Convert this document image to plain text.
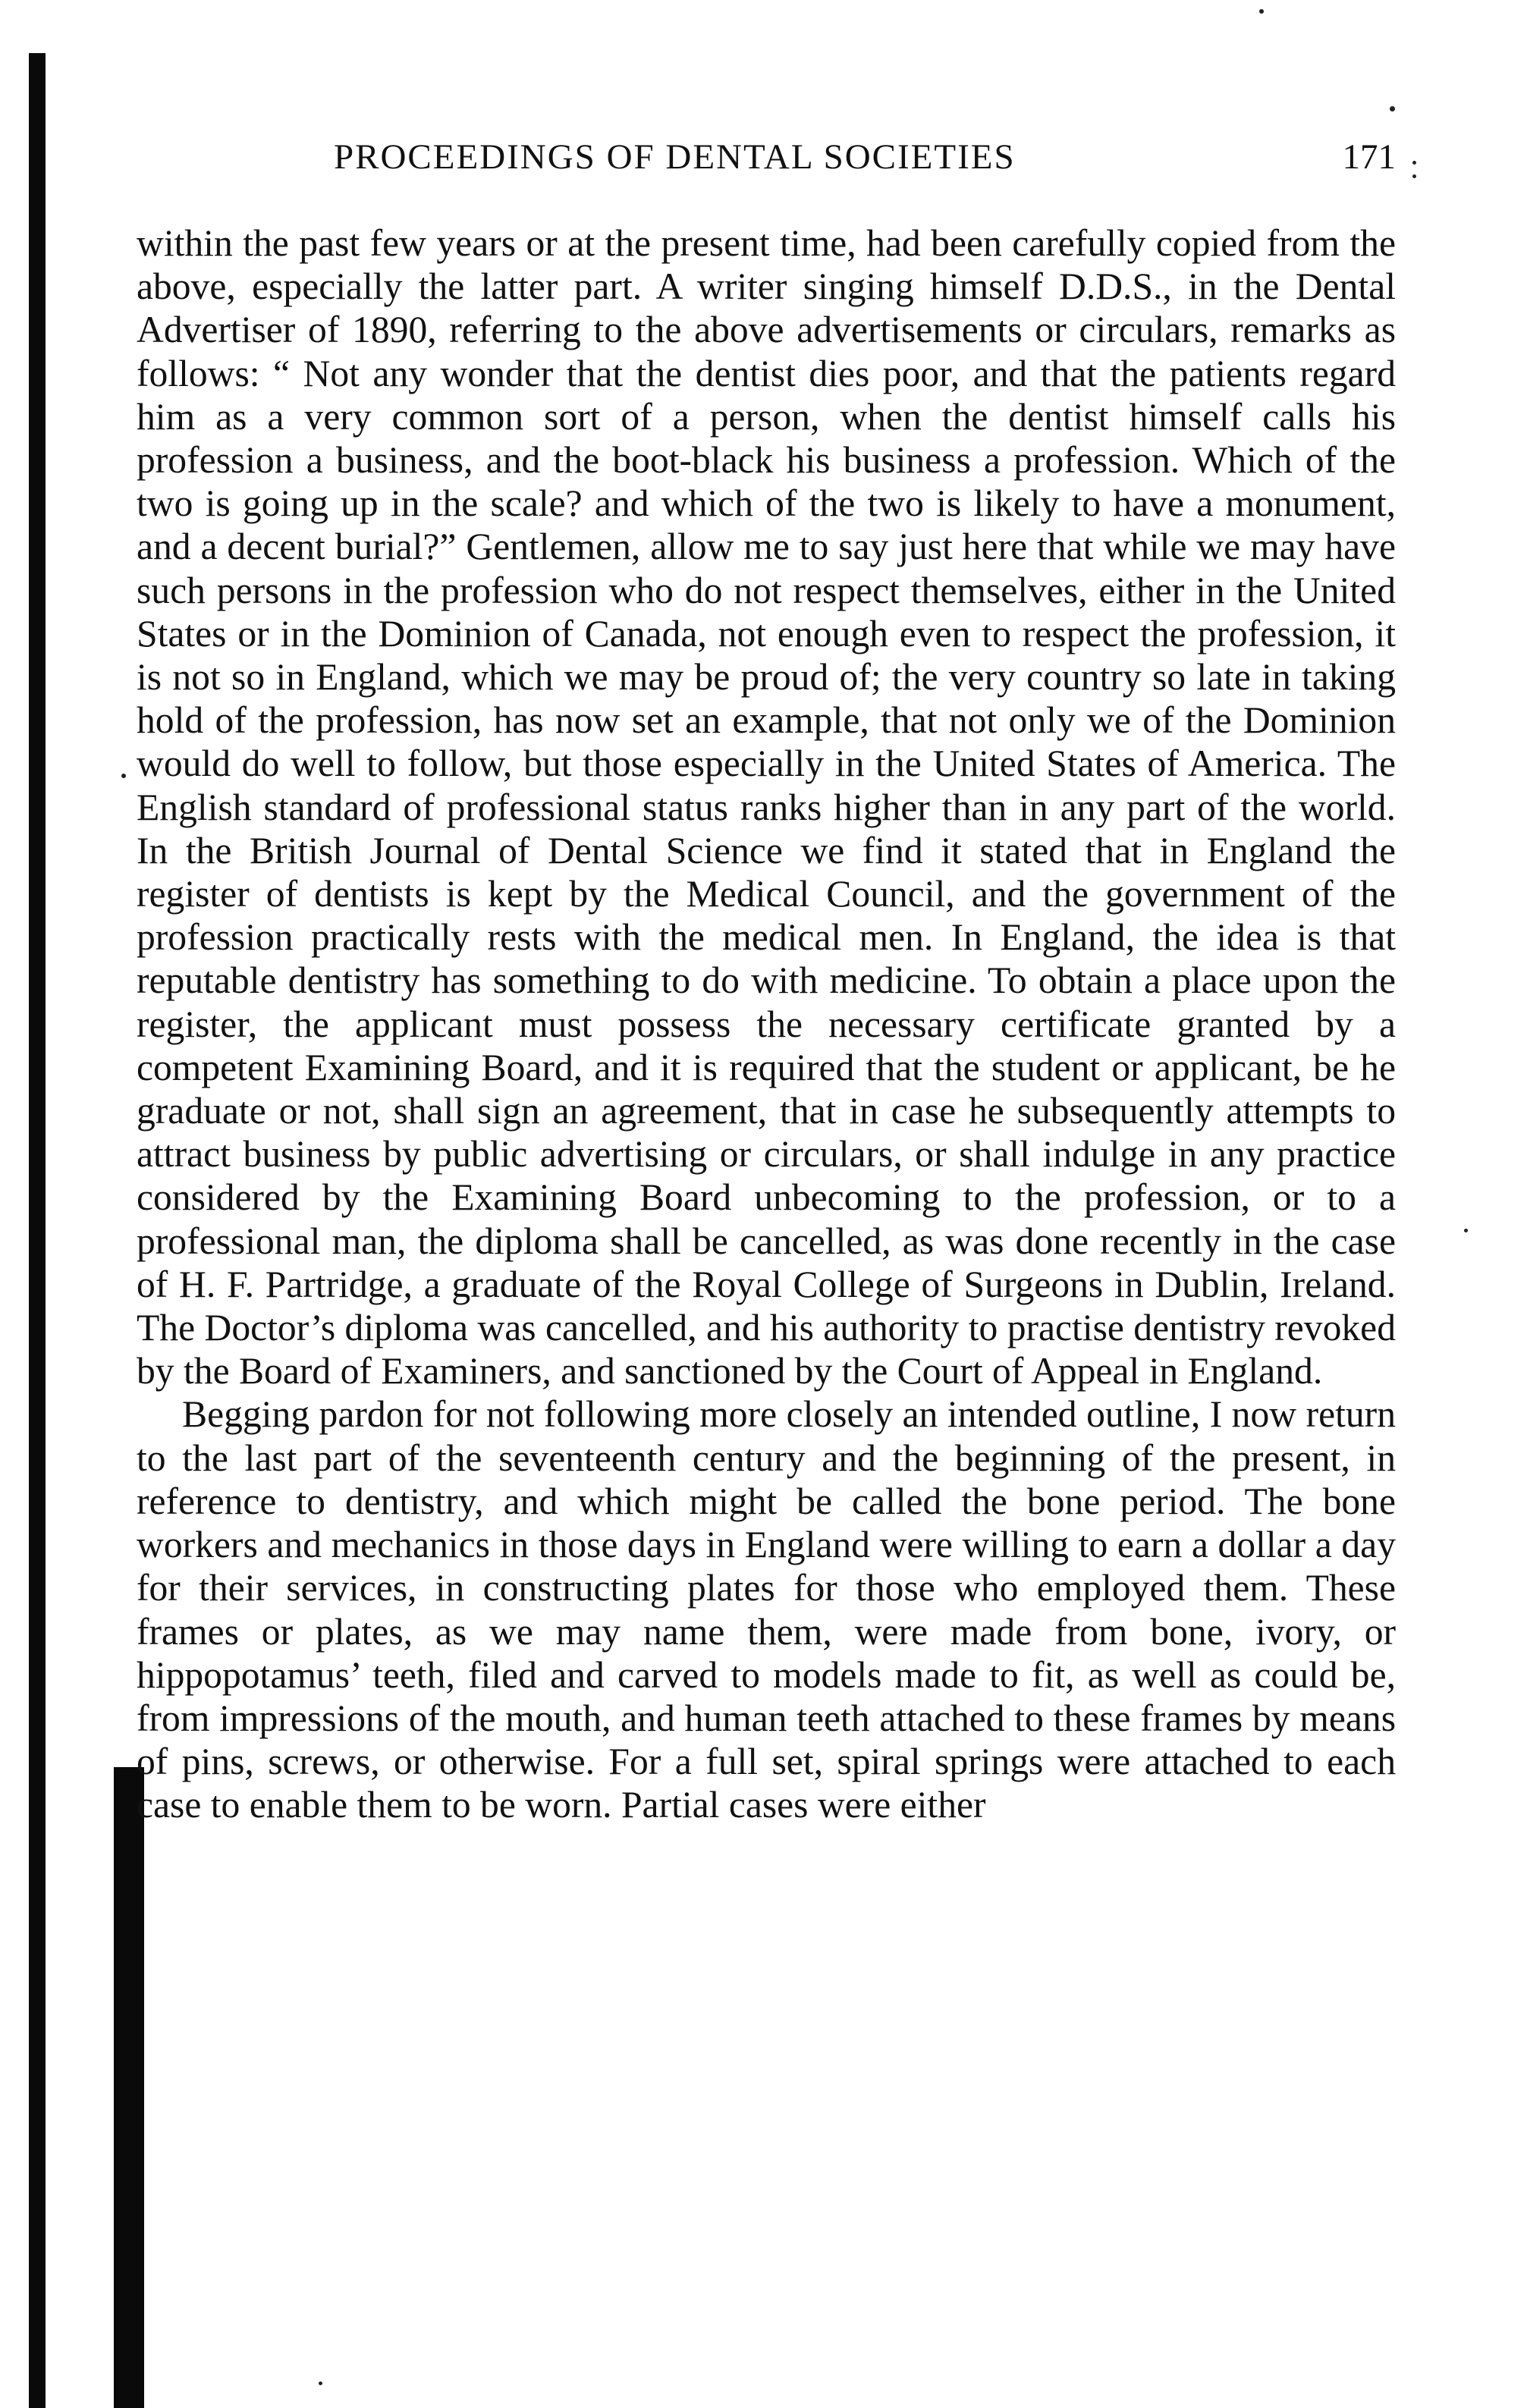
PROCEEDINGS OF DENTAL SOCIETIES	171

within the past few years or at the present time, had been carefully copied from the above, especially the latter part. A writer singing himself D.D.S., in the Dental Advertiser of 1890, referring to the above advertisements or circulars, remarks as follows: “ Not any wonder that the dentist dies poor, and that the patients regard him as a very common sort of a person, when the dentist himself calls his profession a business, and the boot-black his business a profession. Which of the two is going up in the scale? and which of the two is likely to have a monument, and a decent burial?” Gentlemen, allow me to say just here that while we may have such persons in the profession who do not respect themselves, either in the United States or in the Dominion of Canada, not enough even to respect the profession, it is not so in England, which we may be proud of; the very country so late in taking hold of the profession, has now set an example, that not only we of the Dominion would do well to follow, but those especially in the United States of America. The English standard of professional status ranks higher than in any part of the world. In the British Journal of Dental Science we find it stated that in England the register of dentists is kept by the Medical Council, and the government of the profession practically rests with the medical men. In England, the idea is that reputable dentistry has something to do with medicine. To obtain a place upon the register, the applicant must possess the necessary certificate granted by a competent Examining Board, and it is required that the student or applicant, be he graduate or not, shall sign an agreement, that in case he subsequently attempts to attract business by public advertising or circulars, or shall indulge in any practice considered by the Examining Board unbecoming to the profession, or to a professional man, the diploma shall be cancelled, as was done recently in the case of H. F. Partridge, a graduate of the Royal College of Surgeons in Dublin, Ireland. The Doctor’s diploma was cancelled, and his authority to practise dentistry revoked by the Board of Examiners, and sanctioned by the Court of Appeal in England.

Begging pardon for not following more closely an intended outline, I now return to the last part of the seventeenth century and the beginning of the present, in reference to dentistry, and which might be called the bone period. The bone workers and mechanics in those days in England were willing to earn a dollar a day for their services, in constructing plates for those who employed them. These frames or plates, as we may name them, were made from bone, ivory, or hippopotamus’ teeth, filed and carved to models made to fit, as well as could be, from impressions of the mouth, and human teeth attached to these frames by means of pins, screws, or otherwise. For a full set, spiral springs were attached to each case to enable them to be worn. Partial cases were either
